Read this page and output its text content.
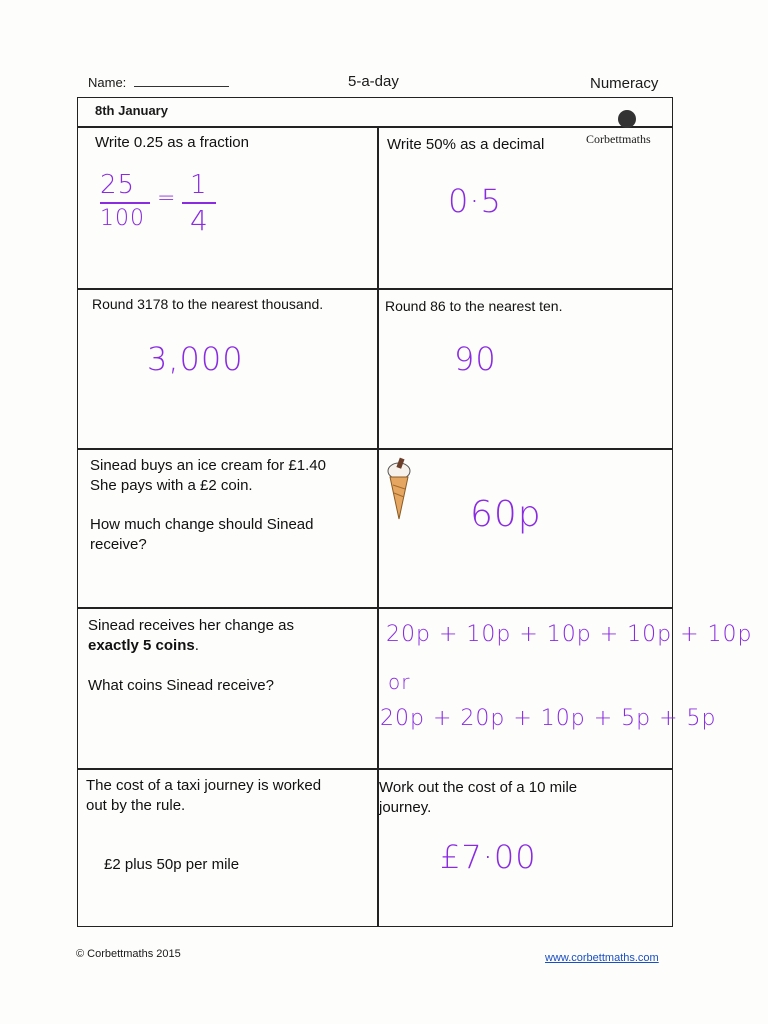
Name:	5-a-day	Numeracy
8th January
Corbettmaths
Write 0.25 as a fraction
25
100
= 1
4
Write 50% as a decimal
0·5
Round 3178 to the nearest thousand.
3,000
Round 86 to the nearest ten.
90
Sinead buys an ice cream for £1.40
She pays with a £2 coin.
How much change should Sinead
receive?
60p
Sinead receives her change as
exactly 5 coins.
What coins Sinead receive?
20p + 10p + 10p + 10p + 10p
or
20p + 20p + 10p + 5p + 5p
The cost of a taxi journey is worked
out by the rule.
£2 plus 50p per mile
Work out the cost of a 10 mile
journey.
£7·00
© Corbettmaths 2015	www.corbettmaths.com
